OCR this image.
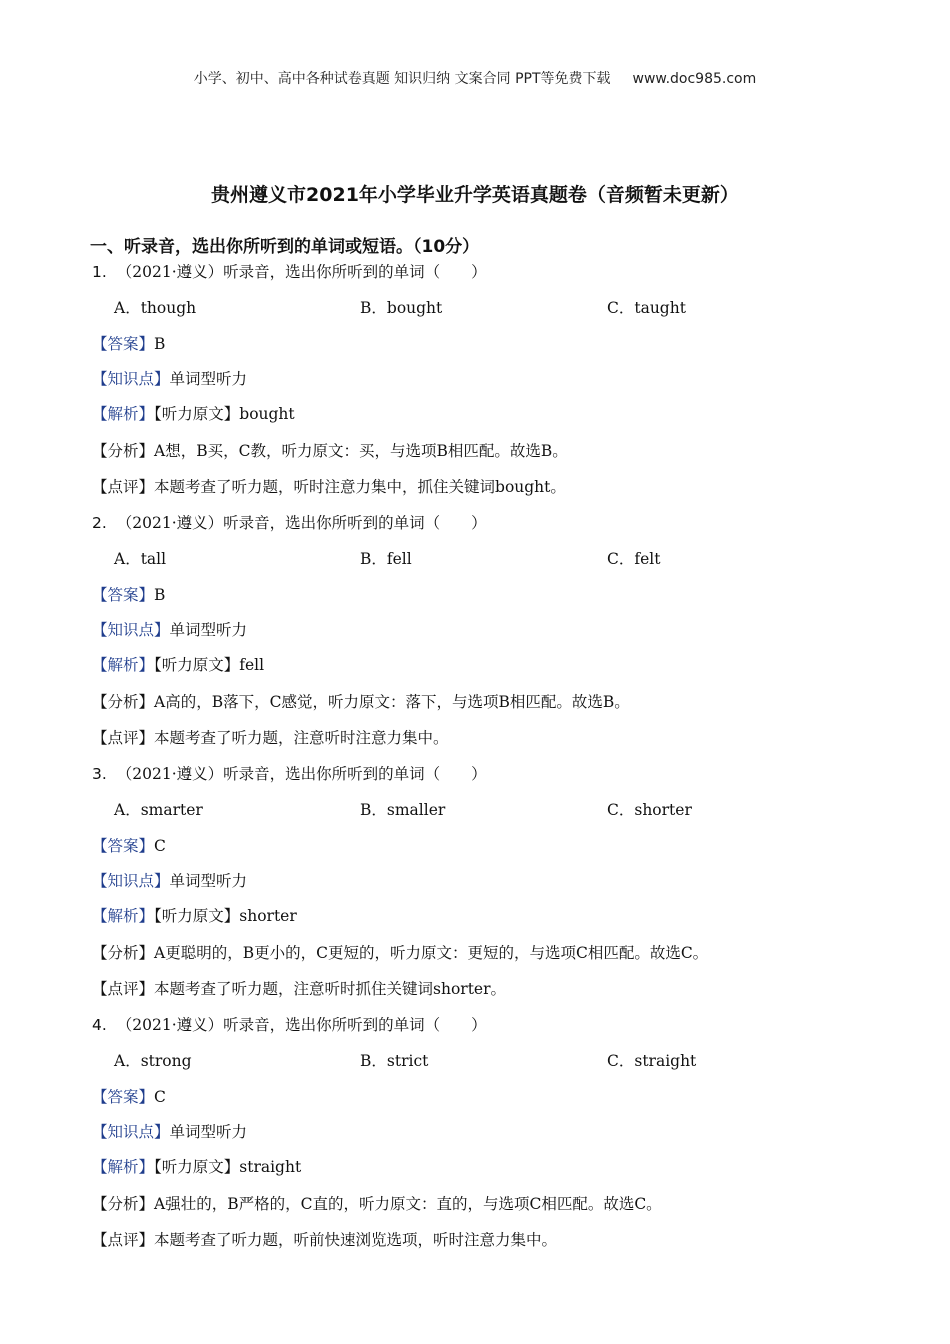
小学、初中、高中各种试卷真题 知识归纳 文案合同 PPT等免费下载 www.doc985.com
贵州遵义市2021年小学毕业升学英语真题卷（音频暂未更新）
一、听录音，选出你所听到的单词或短语。（10分）
1. （2021·遵义）听录音，选出你所听到的单词（　　）
A．though	B．bought	C．taught
【答案】B
【知识点】单词型听力
【解析】【听力原文】bought
【分析】A想，B买，C教，听力原文：买，与选项B相匹配。故选B。
【点评】本题考查了听力题，听时注意力集中，抓住关键词bought。
2. （2021·遵义）听录音，选出你所听到的单词（　　）
A．tall	B．fell	C．felt
【答案】B
【知识点】单词型听力
【解析】【听力原文】fell
【分析】A高的，B落下，C感觉，听力原文：落下，与选项B相匹配。故选B。
【点评】本题考查了听力题，注意听时注意力集中。
3. （2021·遵义）听录音，选出你所听到的单词（　　）
A．smarter	B．smaller	C．shorter
【答案】C
【知识点】单词型听力
【解析】【听力原文】shorter
【分析】A更聪明的，B更小的，C更短的，听力原文：更短的，与选项C相匹配。故选C。
【点评】本题考查了听力题，注意听时抓住关键词shorter。
4. （2021·遵义）听录音，选出你所听到的单词（　　）
A．strong	B．strict	C．straight
【答案】C
【知识点】单词型听力
【解析】【听力原文】straight
【分析】A强壮的，B严格的，C直的，听力原文：直的，与选项C相匹配。故选C。
【点评】本题考查了听力题，听前快速浏览选项，听时注意力集中。
